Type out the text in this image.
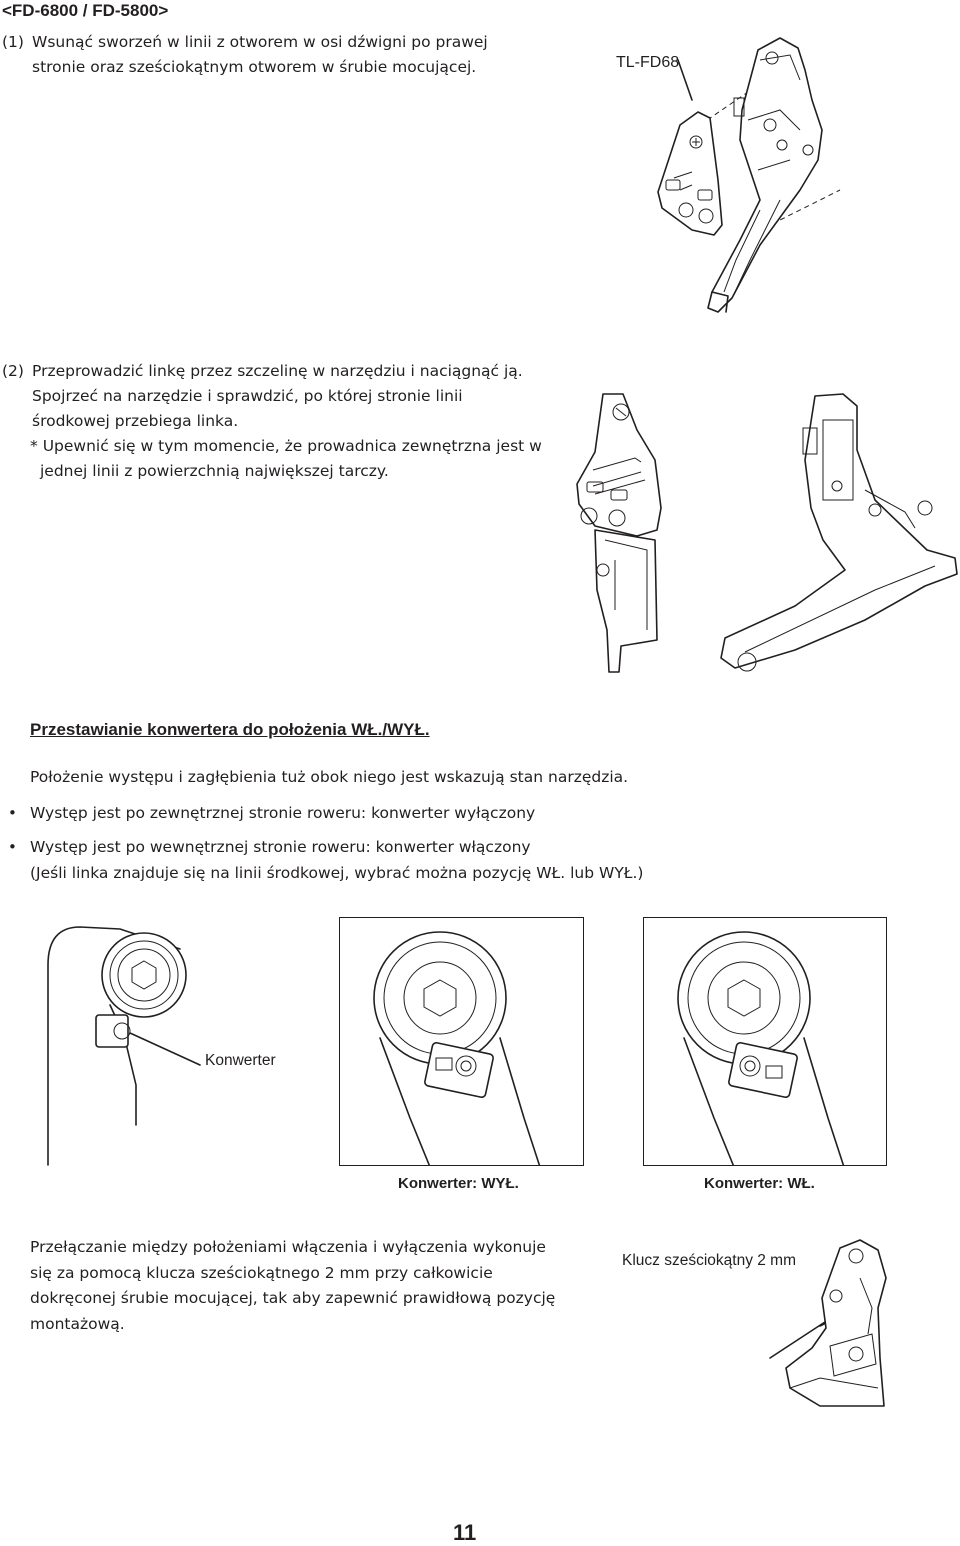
<FD-6800 / FD-5800>
(1) Wsunąć sworzeń w linii z otworem w osi dźwigni po prawej
stronie oraz sześciokątnym otworem w śrubie mocującej.	TL-FD68
(2) Przeprowadzić linkę przez szczelinę w narzędziu i naciągnąć ją.
Spojrzeć na narzędzie i sprawdzić, po której stronie linii
środkowej przebiega linka.
* Upewnić się w tym momencie, że prowadnica zewnętrzna jest w
jednej linii z powierzchnią największej tarczy.
Przestawianie konwertera do położenia WŁ./WYŁ.
Położenie występu i zagłębienia tuż obok niego jest wskazują stan narzędzia.
• Występ jest po zewnętrznej stronie roweru: konwerter wyłączony
• Występ jest po wewnętrznej stronie roweru: konwerter włączony
(Jeśli linka znajduje się na linii środkowej, wybrać można pozycję WŁ. lub WYŁ.)
Konwerter
Konwerter: WYŁ.	Konwerter: WŁ.
Przełączanie między położeniami włączenia i wyłączenia wykonuje
się za pomocą klucza sześciokątnego 2 mm przy całkowicie
dokręconej śrubie mocującej, tak aby zapewnić prawidłową pozycję
montażową.
Klucz sześciokątny 2 mm
11
